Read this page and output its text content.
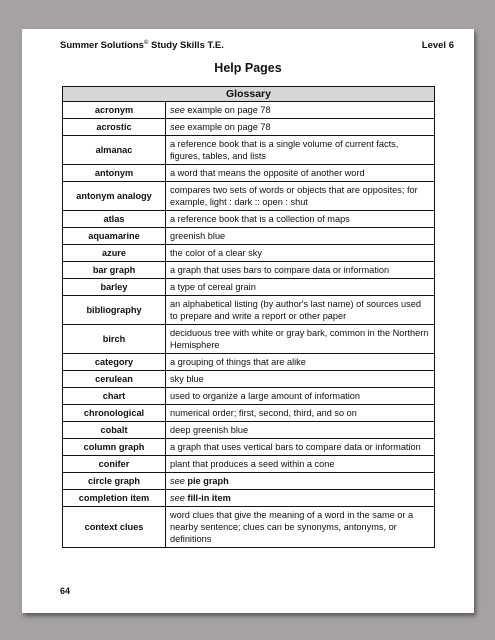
Summer Solutions© Study Skills T.E.	Level 6
Help Pages
Glossary	
acronym	see example on page 78
acrostic	see example on page 78
almanac	a reference book that is a single volume of current facts, figures, tables, and lists
antonym	a word that means the opposite of another word
antonym analogy	compares two sets of words or objects that are opposites; for example, light : dark :: open : shut
atlas	a reference book that is a collection of maps
aquamarine	greenish blue
azure	the color of a clear sky
bar graph	a graph that uses bars to compare data or information
barley	a type of cereal grain
bibliography	an alphabetical listing (by author's last name) of sources used to prepare and write a report or other paper
birch	deciduous tree with white or gray bark, common in the Northern Hemisphere
category	a grouping of things that are alike
cerulean	sky blue
chart	used to organize a large amount of information
chronological	numerical order; first, second, third, and so on
cobalt	deep greenish blue
column graph	a graph that uses vertical bars to compare data or information
conifer	plant that produces a seed within a cone
circle graph	see pie graph
completion item	see fill-in item
context clues	word clues that give the meaning of a word in the same or a nearby sentence; clues can be synonyms, antonyms, or definitions
64
